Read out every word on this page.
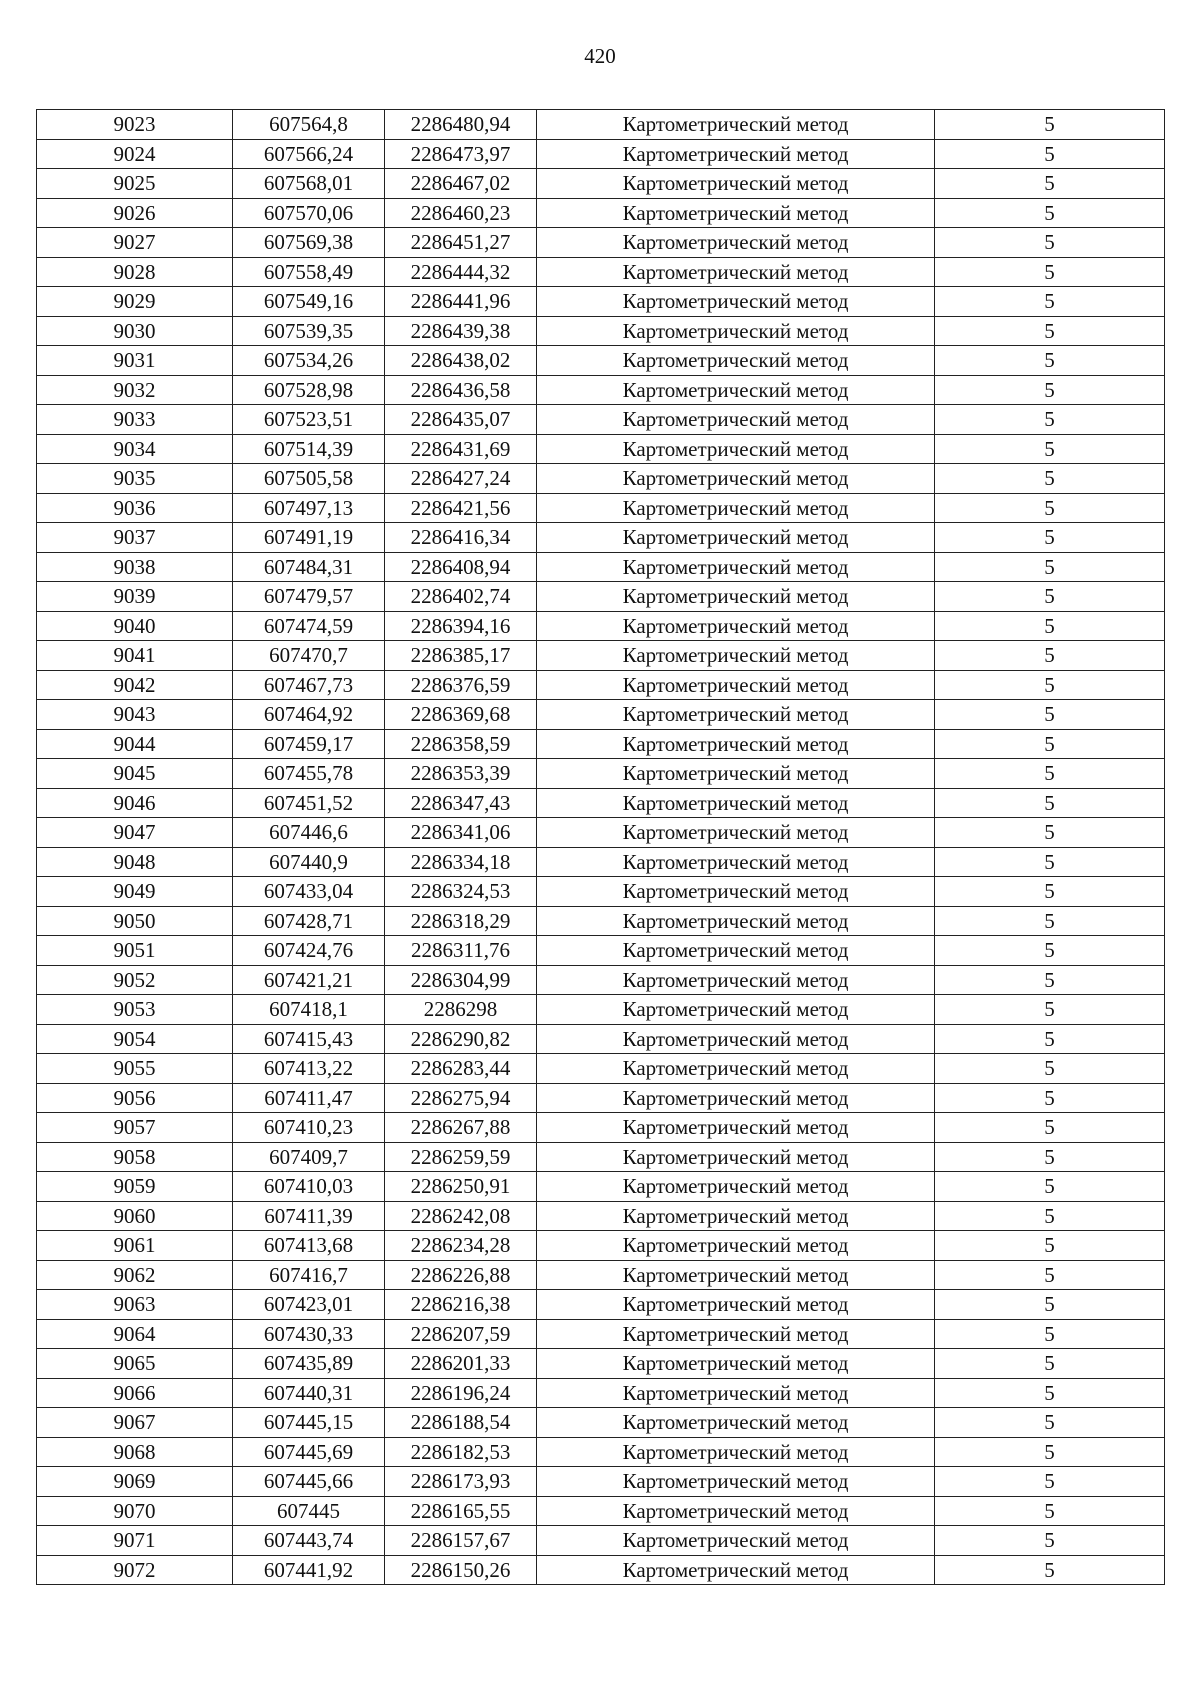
420
9023	607564,8	2286480,94	Картометрический метод	5
9024	607566,24	2286473,97	Картометрический метод	5
9025	607568,01	2286467,02	Картометрический метод	5
9026	607570,06	2286460,23	Картометрический метод	5
9027	607569,38	2286451,27	Картометрический метод	5
9028	607558,49	2286444,32	Картометрический метод	5
9029	607549,16	2286441,96	Картометрический метод	5
9030	607539,35	2286439,38	Картометрический метод	5
9031	607534,26	2286438,02	Картометрический метод	5
9032	607528,98	2286436,58	Картометрический метод	5
9033	607523,51	2286435,07	Картометрический метод	5
9034	607514,39	2286431,69	Картометрический метод	5
9035	607505,58	2286427,24	Картометрический метод	5
9036	607497,13	2286421,56	Картометрический метод	5
9037	607491,19	2286416,34	Картометрический метод	5
9038	607484,31	2286408,94	Картометрический метод	5
9039	607479,57	2286402,74	Картометрический метод	5
9040	607474,59	2286394,16	Картометрический метод	5
9041	607470,7	2286385,17	Картометрический метод	5
9042	607467,73	2286376,59	Картометрический метод	5
9043	607464,92	2286369,68	Картометрический метод	5
9044	607459,17	2286358,59	Картометрический метод	5
9045	607455,78	2286353,39	Картометрический метод	5
9046	607451,52	2286347,43	Картометрический метод	5
9047	607446,6	2286341,06	Картометрический метод	5
9048	607440,9	2286334,18	Картометрический метод	5
9049	607433,04	2286324,53	Картометрический метод	5
9050	607428,71	2286318,29	Картометрический метод	5
9051	607424,76	2286311,76	Картометрический метод	5
9052	607421,21	2286304,99	Картометрический метод	5
9053	607418,1	2286298	Картометрический метод	5
9054	607415,43	2286290,82	Картометрический метод	5
9055	607413,22	2286283,44	Картометрический метод	5
9056	607411,47	2286275,94	Картометрический метод	5
9057	607410,23	2286267,88	Картометрический метод	5
9058	607409,7	2286259,59	Картометрический метод	5
9059	607410,03	2286250,91	Картометрический метод	5
9060	607411,39	2286242,08	Картометрический метод	5
9061	607413,68	2286234,28	Картометрический метод	5
9062	607416,7	2286226,88	Картометрический метод	5
9063	607423,01	2286216,38	Картометрический метод	5
9064	607430,33	2286207,59	Картометрический метод	5
9065	607435,89	2286201,33	Картометрический метод	5
9066	607440,31	2286196,24	Картометрический метод	5
9067	607445,15	2286188,54	Картометрический метод	5
9068	607445,69	2286182,53	Картометрический метод	5
9069	607445,66	2286173,93	Картометрический метод	5
9070	607445	2286165,55	Картометрический метод	5
9071	607443,74	2286157,67	Картометрический метод	5
9072	607441,92	2286150,26	Картометрический метод	5
